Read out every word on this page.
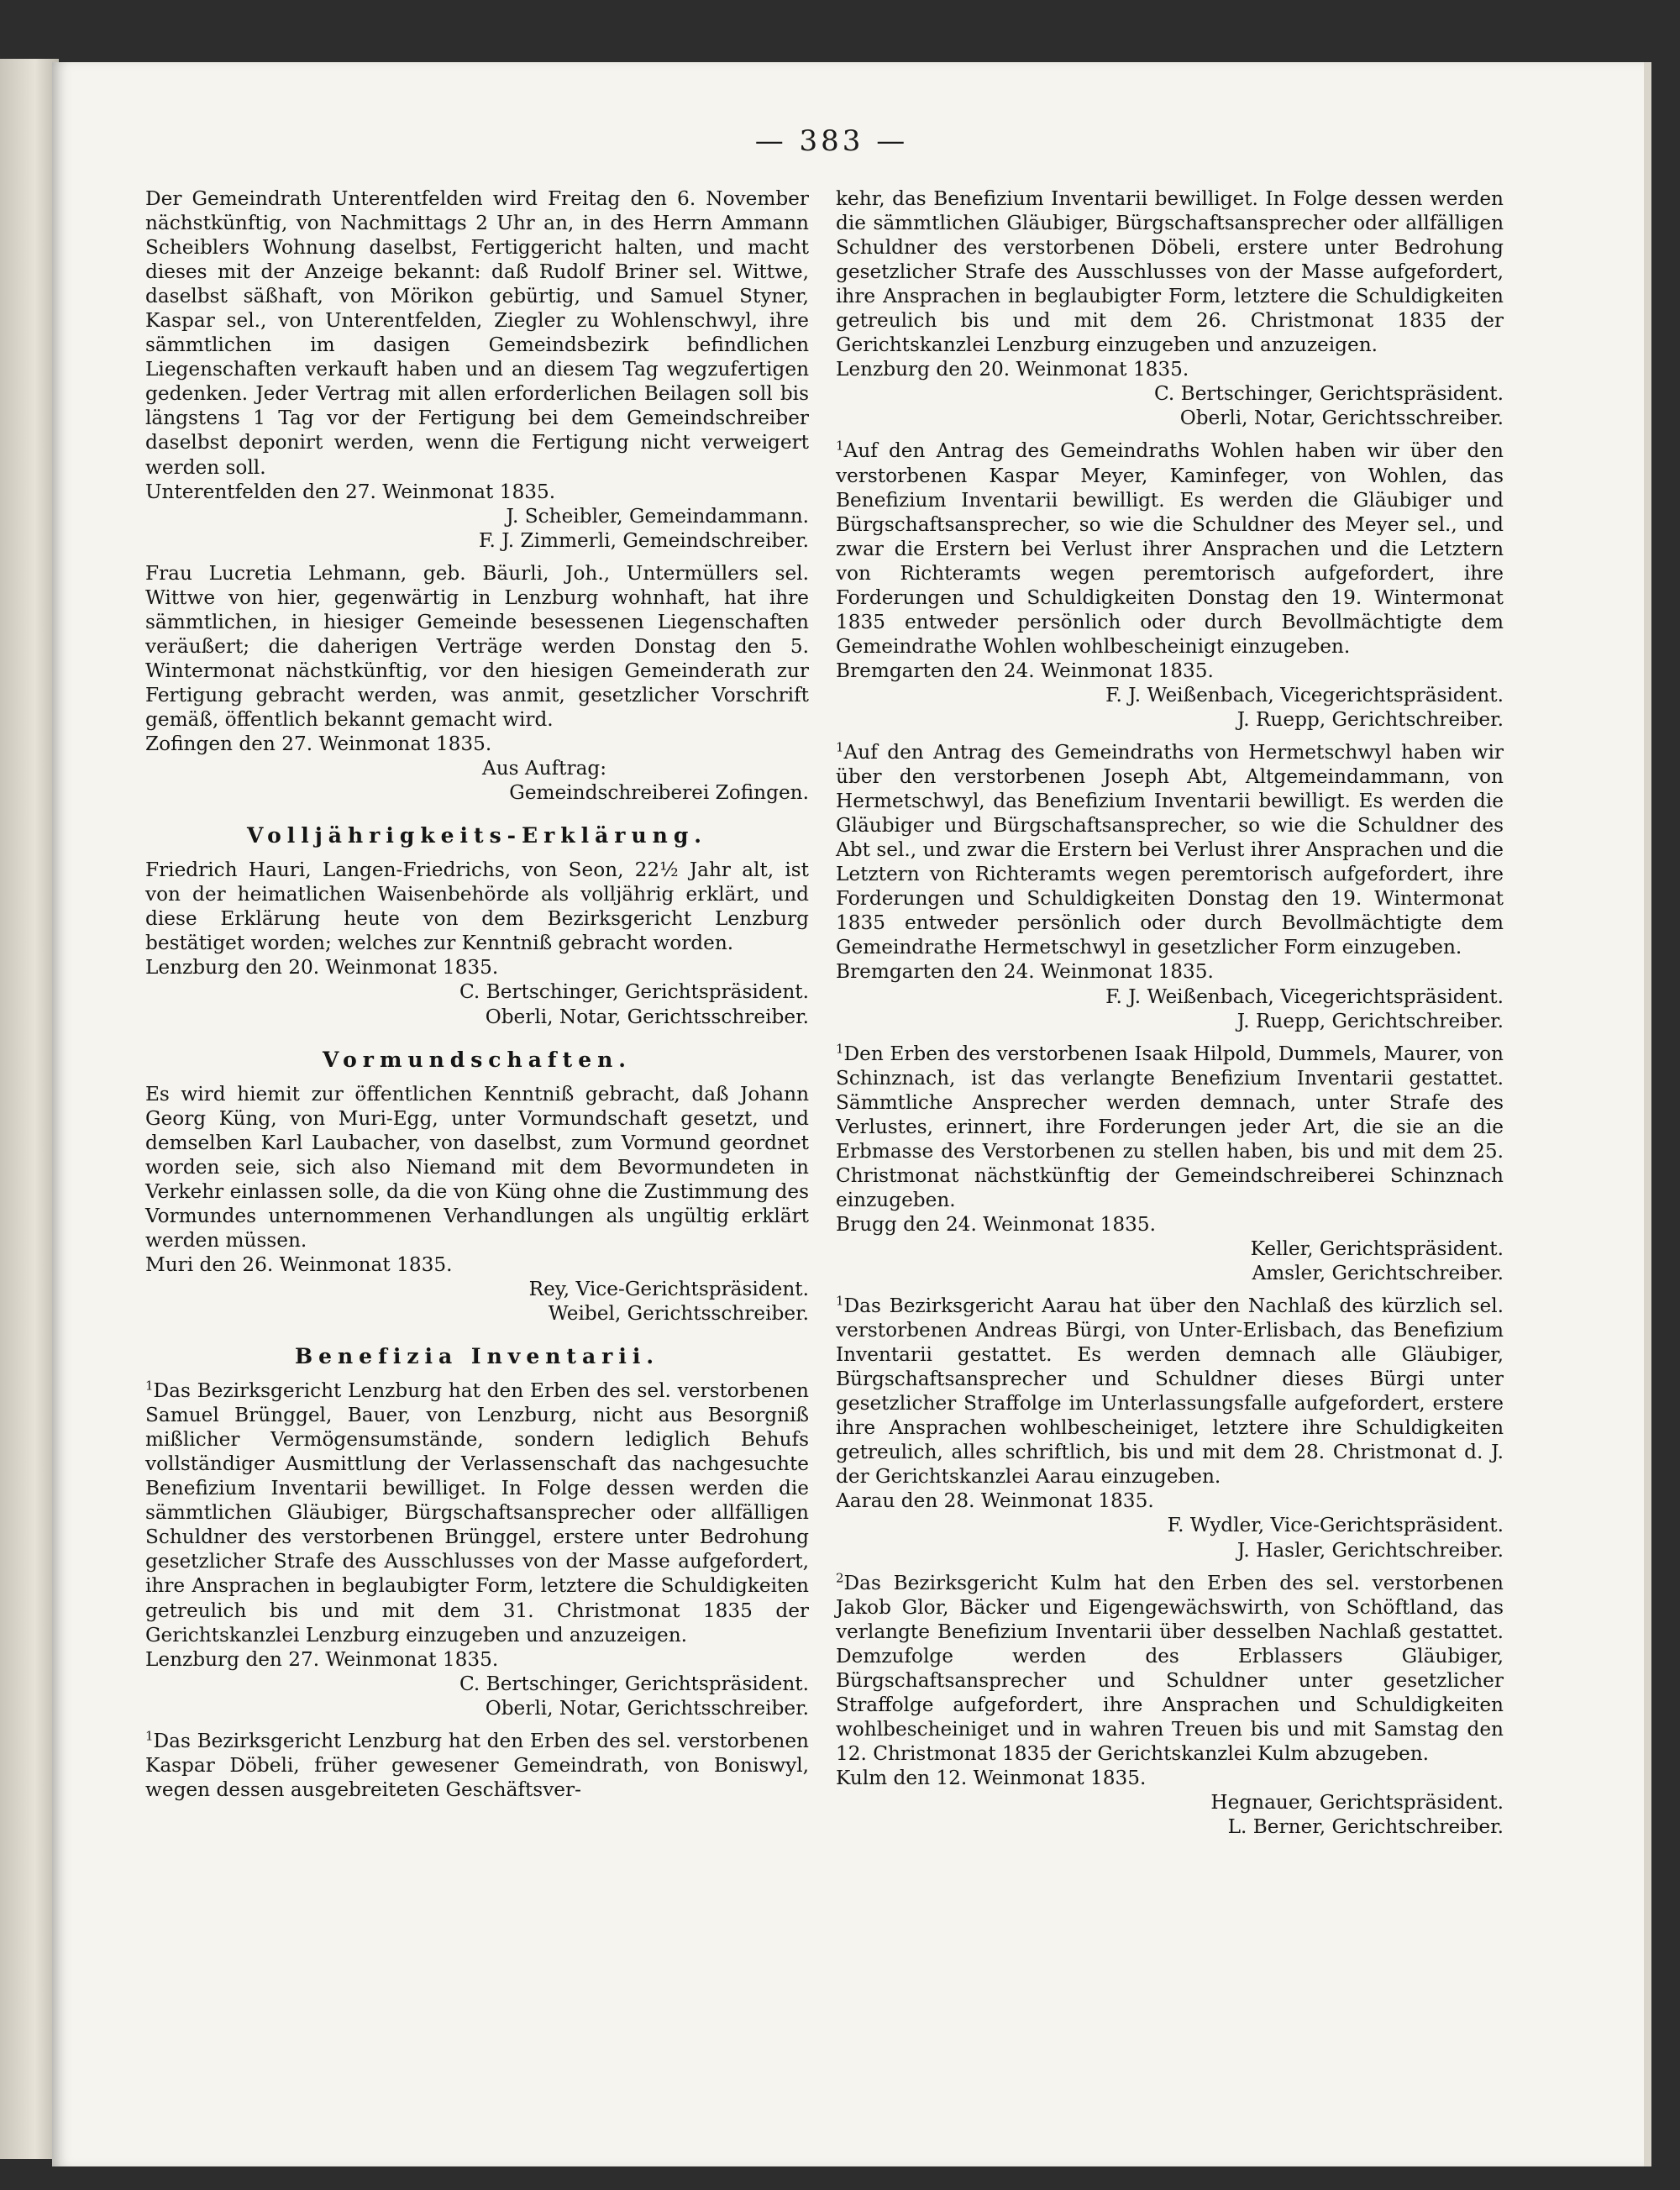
— 383 —
Der Gemeindrath Unterentfelden wird Freitag den 6. November nächstkünftig, von Nachmittags 2 Uhr an, in des Herrn Ammann Scheiblers Wohnung daselbst, Fertiggericht halten, und macht dieses mit der Anzeige bekannt: daß Rudolf Briner sel. Wittwe, daselbst säßhaft, von Mörikon gebürtig, und Samuel Styner, Kaspar sel., von Unterentfelden, Ziegler zu Wohlenschwyl, ihre sämmtlichen im dasigen Gemeindsbezirk befindlichen Liegenschaften verkauft haben und an diesem Tag wegzufertigen gedenken. Jeder Vertrag mit allen erforderlichen Beilagen soll bis längstens 1 Tag vor der Fertigung bei dem Gemeindschreiber daselbst deponirt werden, wenn die Fertigung nicht verweigert werden soll.
Unterentfelden den 27. Weinmonat 1835.
J. Scheibler, Gemeindammann.
F. J. Zimmerli, Gemeindschreiber.
Frau Lucretia Lehmann, geb. Bäurli, Joh., Untermüllers sel. Wittwe von hier, gegenwärtig in Lenzburg wohnhaft, hat ihre sämmtlichen, in hiesiger Gemeinde besessenen Liegenschaften veräußert; die daherigen Verträge werden Donstag den 5. Wintermonat nächstkünftig, vor den hiesigen Gemeinderath zur Fertigung gebracht werden, was anmit, gesetzlicher Vorschrift gemäß, öffentlich bekannt gemacht wird.
Zofingen den 27. Weinmonat 1835.
Aus Auftrag:
Gemeindschreiberei Zofingen.
Volljährigkeits-Erklärung.
Friedrich Hauri, Langen-Friedrichs, von Seon, 22½ Jahr alt, ist von der heimatlichen Waisenbehörde als volljährig erklärt, und diese Erklärung heute von dem Bezirksgericht Lenzburg bestätiget worden; welches zur Kenntniß gebracht worden.
Lenzburg den 20. Weinmonat 1835.
C. Bertschinger, Gerichtspräsident.
Oberli, Notar, Gerichtsschreiber.
Vormundschaften.
Es wird hiemit zur öffentlichen Kenntniß gebracht, daß Johann Georg Küng, von Muri-Egg, unter Vormundschaft gesetzt, und demselben Karl Laubacher, von daselbst, zum Vormund geordnet worden seie, sich also Niemand mit dem Bevormundeten in Verkehr einlassen solle, da die von Küng ohne die Zustimmung des Vormundes unternommenen Verhandlungen als ungültig erklärt werden müssen.
Muri den 26. Weinmonat 1835.
Rey, Vice-Gerichtspräsident.
Weibel, Gerichtsschreiber.
Benefizia Inventarii.
$^1$Das Bezirksgericht Lenzburg hat den Erben des sel. verstorbenen Samuel Brünggel, Bauer, von Lenzburg, nicht aus Besorgniß mißlicher Vermögensumstände, sondern lediglich Behufs vollständiger Ausmittlung der Verlassenschaft das nachgesuchte Benefizium Inventarii bewilliget. In Folge dessen werden die sämmtlichen Gläubiger, Bürgschaftsansprecher oder allfälligen Schuldner des verstorbenen Brünggel, erstere unter Bedrohung gesetzlicher Strafe des Ausschlusses von der Masse aufgefordert, ihre Ansprachen in beglaubigter Form, letztere die Schuldigkeiten getreulich bis und mit dem 31. Christmonat 1835 der Gerichtskanzlei Lenzburg einzugeben und anzuzeigen.
Lenzburg den 27. Weinmonat 1835.
C. Bertschinger, Gerichtspräsident.
Oberli, Notar, Gerichtsschreiber.
$^1$Das Bezirksgericht Lenzburg hat den Erben des sel. verstorbenen Kaspar Döbeli, früher gewesener Gemeindrath, von Boniswyl, wegen dessen ausgebreiteten Geschäftsver-
kehr, das Benefizium Inventarii bewilliget. In Folge dessen werden die sämmtlichen Gläubiger, Bürgschaftsansprecher oder allfälligen Schuldner des verstorbenen Döbeli, erstere unter Bedrohung gesetzlicher Strafe des Ausschlusses von der Masse aufgefordert, ihre Ansprachen in beglaubigter Form, letztere die Schuldigkeiten getreulich bis und mit dem 26. Christmonat 1835 der Gerichtskanzlei Lenzburg einzugeben und anzuzeigen.
Lenzburg den 20. Weinmonat 1835.
C. Bertschinger, Gerichtspräsident.
Oberli, Notar, Gerichtsschreiber.
$^1$Auf den Antrag des Gemeindraths Wohlen haben wir über den verstorbenen Kaspar Meyer, Kaminfeger, von Wohlen, das Benefizium Inventarii bewilligt. Es werden die Gläubiger und Bürgschaftsansprecher, so wie die Schuldner des Meyer sel., und zwar die Erstern bei Verlust ihrer Ansprachen und die Letztern von Richteramts wegen peremtorisch aufgefordert, ihre Forderungen und Schuldigkeiten Donstag den 19. Wintermonat 1835 entweder persönlich oder durch Bevollmächtigte dem Gemeindrathe Wohlen wohlbescheinigt einzugeben.
Bremgarten den 24. Weinmonat 1835.
F. J. Weißenbach, Vicegerichtspräsident.
J. Ruepp, Gerichtschreiber.
$^1$Auf den Antrag des Gemeindraths von Hermetschwyl haben wir über den verstorbenen Joseph Abt, Altgemeindammann, von Hermetschwyl, das Benefizium Inventarii bewilligt. Es werden die Gläubiger und Bürgschaftsansprecher, so wie die Schuldner des Abt sel., und zwar die Erstern bei Verlust ihrer Ansprachen und die Letztern von Richteramts wegen peremtorisch aufgefordert, ihre Forderungen und Schuldigkeiten Donstag den 19. Wintermonat 1835 entweder persönlich oder durch Bevollmächtigte dem Gemeindrathe Hermetschwyl in gesetzlicher Form einzugeben.
Bremgarten den 24. Weinmonat 1835.
F. J. Weißenbach, Vicegerichtspräsident.
J. Ruepp, Gerichtschreiber.
$^1$Den Erben des verstorbenen Isaak Hilpold, Dummels, Maurer, von Schinznach, ist das verlangte Benefizium Inventarii gestattet. Sämmtliche Ansprecher werden demnach, unter Strafe des Verlustes, erinnert, ihre Forderungen jeder Art, die sie an die Erbmasse des Verstorbenen zu stellen haben, bis und mit dem 25. Christmonat nächstkünftig der Gemeindschreiberei Schinznach einzugeben.
Brugg den 24. Weinmonat 1835.
Keller, Gerichtspräsident.
Amsler, Gerichtschreiber.
$^1$Das Bezirksgericht Aarau hat über den Nachlaß des kürzlich sel. verstorbenen Andreas Bürgi, von Unter-Erlisbach, das Benefizium Inventarii gestattet. Es werden demnach alle Gläubiger, Bürgschaftsansprecher und Schuldner dieses Bürgi unter gesetzlicher Straffolge im Unterlassungsfalle aufgefordert, erstere ihre Ansprachen wohlbescheiniget, letztere ihre Schuldigkeiten getreulich, alles schriftlich, bis und mit dem 28. Christmonat d. J. der Gerichtskanzlei Aarau einzugeben.
Aarau den 28. Weinmonat 1835.
F. Wydler, Vice-Gerichtspräsident.
J. Hasler, Gerichtschreiber.
$^2$Das Bezirksgericht Kulm hat den Erben des sel. verstorbenen Jakob Glor, Bäcker und Eigengewächswirth, von Schöftland, das verlangte Benefizium Inventarii über desselben Nachlaß gestattet. Demzufolge werden des Erblassers Gläubiger, Bürgschaftsansprecher und Schuldner unter gesetzlicher Straffolge aufgefordert, ihre Ansprachen und Schuldigkeiten wohlbescheiniget und in wahren Treuen bis und mit Samstag den 12. Christmonat 1835 der Gerichtskanzlei Kulm abzugeben.
Kulm den 12. Weinmonat 1835.
Hegnauer, Gerichtspräsident.
L. Berner, Gerichtschreiber.
